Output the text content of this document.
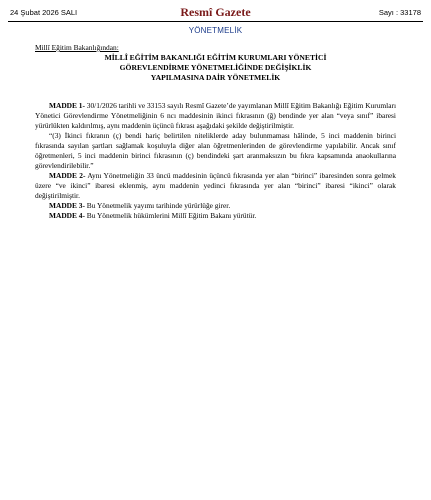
24 Şubat 2026 SALI	Resmî Gazete	Sayı : 33178
YÖNETMELİK
Millî Eğitim Bakanlığından:
MİLLÎ EĞİTİM BAKANLIĞI EĞİTİM KURUMLARI YÖNETİCİ
GÖREVLENDİRME YÖNETMELİĞİNDE DEĞİŞİKLİK
YAPILMASINA DAİR YÖNETMELİK

MADDE 1- 30/1/2026 tarihli ve 33153 sayılı Resmî Gazete’de yayımlanan Millî Eğitim Bakanlığı Eğitim Kurumları Yönetici Görevlendirme Yönetmeliğinin 6 ncı maddesinin ikinci fıkrasının (ğ) bendinde yer alan “veya sınıf” ibaresi yürürlükten kaldırılmış, aynı maddenin üçüncü fıkrası aşağıdaki şekilde değiştirilmiştir.

“(3) İkinci fıkranın (ç) bendi hariç belirtilen niteliklerde aday bulunmaması hâlinde, 5 inci maddenin birinci fıkrasında sayılan şartları sağlamak koşuluyla diğer alan öğretmenlerinden de görevlendirme yapılabilir. Ancak sınıf öğretmenleri, 5 inci maddenin birinci fıkrasının (ç) bendindeki şart aranmaksızın bu fıkra kapsamında anaokullarına görevlendirilebilir.”

MADDE 2- Aynı Yönetmeliğin 33 üncü maddesinin üçüncü fıkrasında yer alan “birinci” ibaresinden sonra gelmek üzere “ve ikinci” ibaresi eklenmiş, aynı maddenin yedinci fıkrasında yer alan “birinci” ibaresi “ikinci” olarak değiştirilmiştir.

MADDE 3- Bu Yönetmelik yayımı tarihinde yürürlüğe girer.

MADDE 4- Bu Yönetmelik hükümlerini Millî Eğitim Bakanı yürütür.
